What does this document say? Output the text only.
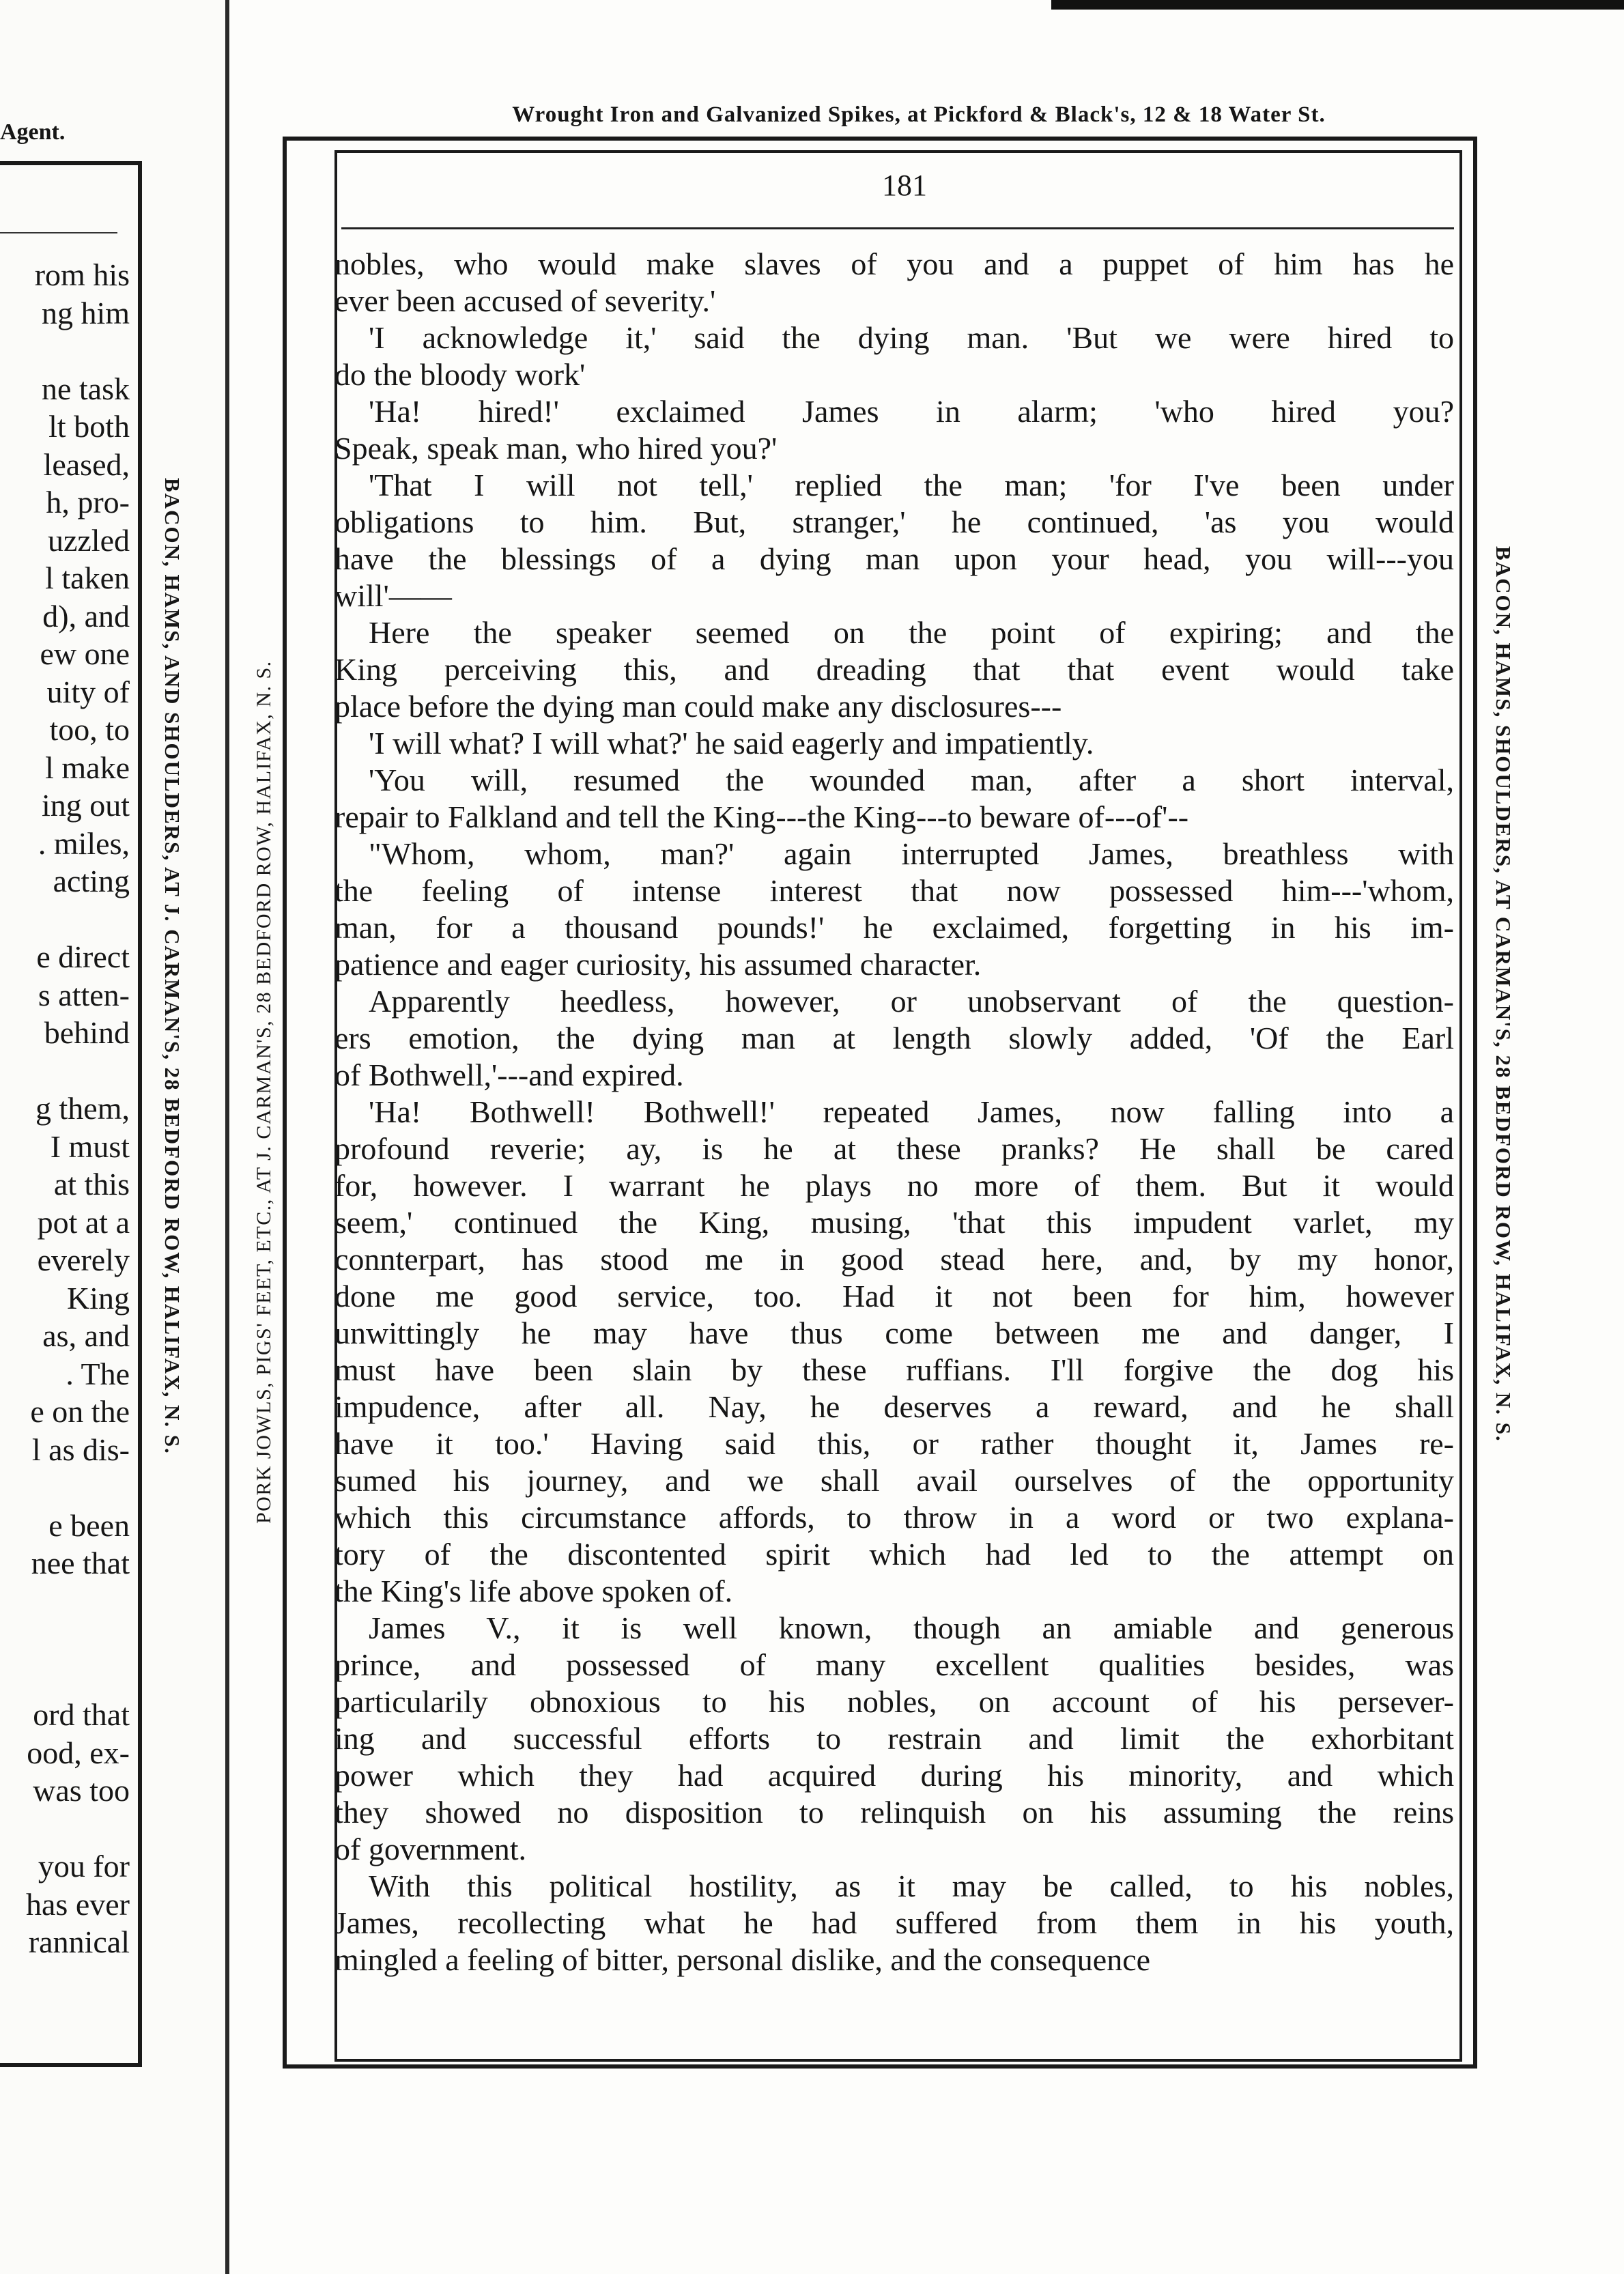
Agent.
rom his
ng him
ne task
lt both
leased,
h, pro-
uzzled
l taken
d), and
ew one
uity of
too, to
l make
ing out
. miles,
acting
e direct
s atten-
behind
g them,
I must
at this
pot at a
everely
King
as, and
. The
e on the
l as dis-
e been
nee that
ord that
ood, ex-
was too
you for
has ever
rannical
BACON, HAMS, AND SHOULDERS, AT J. CARMAN'S, 28 BEDFORD ROW, HALIFAX, N. S.
Wrought Iron and Galvanized Spikes, at Pickford & Black's, 12 & 18 Water St.
181
PORK JOWLS, PIGS' FEET, ETC., AT J. CARMAN'S, 28 BEDFORD ROW, HALIFAX, N. S.	BACON, HAMS, SHOULDERS, AT CARMAN'S, 28 BEDFORD ROW, HALIFAX, N. S.
nobles, who would make slaves of you and a puppet of him has he
ever been accused of severity.'
'I acknowledge it,' said the dying man. 'But we were hired to
do the bloody work'
'Ha! hired!' exclaimed James in alarm; 'who hired you?
Speak, speak man, who hired you?'
'That I will not tell,' replied the man; 'for I've been under
obligations to him. But, stranger,' he continued, 'as you would
have the blessings of a dying man upon your head, you will---you
will'——
Here the speaker seemed on the point of expiring; and the
King perceiving this, and dreading that that event would take
place before the dying man could make any disclosures---
'I will what? I will what?' he said eagerly and impatiently.
'You will, resumed the wounded man, after a short interval,
repair to Falkland and tell the King---the King---to beware of---of'--
"Whom, whom, man?' again interrupted James, breathless with
the feeling of intense interest that now possessed him---'whom,
man, for a thousand pounds!' he exclaimed, forgetting in his im-
patience and eager curiosity, his assumed character.
Apparently heedless, however, or unobservant of the question-
ers emotion, the dying man at length slowly added, 'Of the Earl
of Bothwell,'---and expired.
'Ha! Bothwell! Bothwell!' repeated James, now falling into a
profound reverie; ay, is he at these pranks? He shall be cared
for, however. I warrant he plays no more of them. But it would
seem,' continued the King, musing, 'that this impudent varlet, my
connterpart, has stood me in good stead here, and, by my honor,
done me good service, too. Had it not been for him, however
unwittingly he may have thus come between me and danger, I
must have been slain by these ruffians. I'll forgive the dog his
impudence, after all. Nay, he deserves a reward, and he shall
have it too.' Having said this, or rather thought it, James re-
sumed his journey, and we shall avail ourselves of the opportunity
which this circumstance affords, to throw in a word or two explana-
tory of the discontented spirit which had led to the attempt on
the King's life above spoken of.
James V., it is well known, though an amiable and generous
prince, and possessed of many excellent qualities besides, was
particularily obnoxious to his nobles, on account of his persever-
ing and successful efforts to restrain and limit the exhorbitant
power which they had acquired during his minority, and which
they showed no disposition to relinquish on his assuming the reins
of government.
With this political hostility, as it may be called, to his nobles,
James, recollecting what he had suffered from them in his youth,
mingled a feeling of bitter, personal dislike, and the consequence
